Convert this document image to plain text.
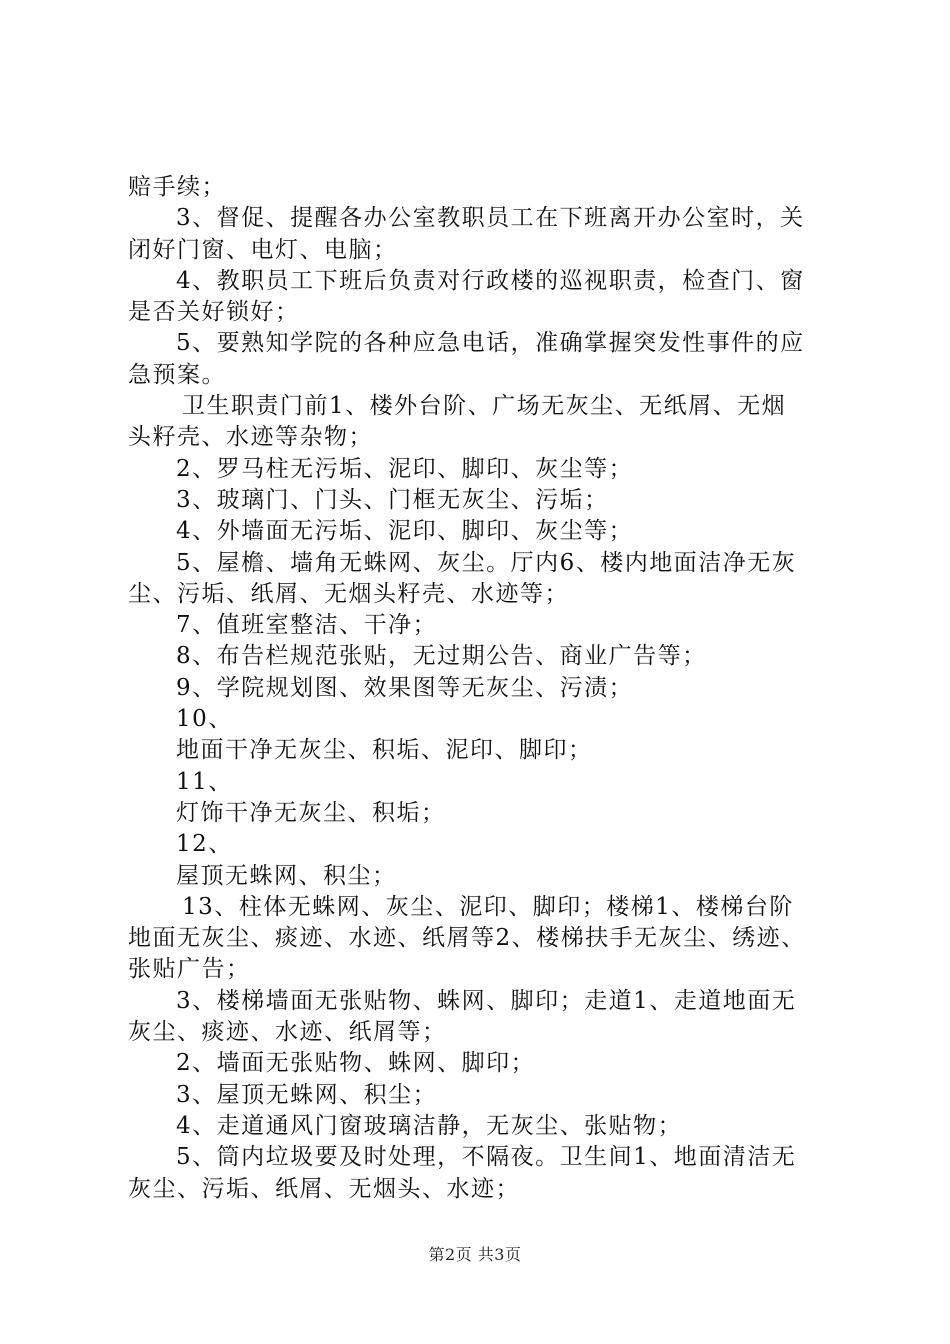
赔手续；
3、督促、提醒各办公室教职员工在下班离开办公室时，关
闭好门窗、电灯、电脑；
4、教职员工下班后负责对行政楼的巡视职责，检查门、窗
是否关好锁好；
5、要熟知学院的各种应急电话，准确掌握突发性事件的应
急预案。
卫生职责门前1、楼外台阶、广场无灰尘、无纸屑、无烟
头籽壳、水迹等杂物；
2、罗马柱无污垢、泥印、脚印、灰尘等；
3、玻璃门、门头、门框无灰尘、污垢；
4、外墙面无污垢、泥印、脚印、灰尘等；
5、屋檐、墙角无蛛网、灰尘。厅内6、楼内地面洁净无灰
尘、污垢、纸屑、无烟头籽壳、水迹等；
7、值班室整洁、干净；
8、布告栏规范张贴，无过期公告、商业广告等；
9、学院规划图、效果图等无灰尘、污渍；
10、
地面干净无灰尘、积垢、泥印、脚印；
11、
灯饰干净无灰尘、积垢；
12、
屋顶无蛛网、积尘；
13、柱体无蛛网、灰尘、泥印、脚印；楼梯1、楼梯台阶
地面无灰尘、痰迹、水迹、纸屑等2、楼梯扶手无灰尘、绣迹、
张贴广告；
3、楼梯墙面无张贴物、蛛网、脚印；走道1、走道地面无
灰尘、痰迹、水迹、纸屑等；
2、墙面无张贴物、蛛网、脚印；
3、屋顶无蛛网、积尘；
4、走道通风门窗玻璃洁静，无灰尘、张贴物；
5、筒内垃圾要及时处理，不隔夜。卫生间1、地面清洁无
灰尘、污垢、纸屑、无烟头、水迹；
第2页 共3页
